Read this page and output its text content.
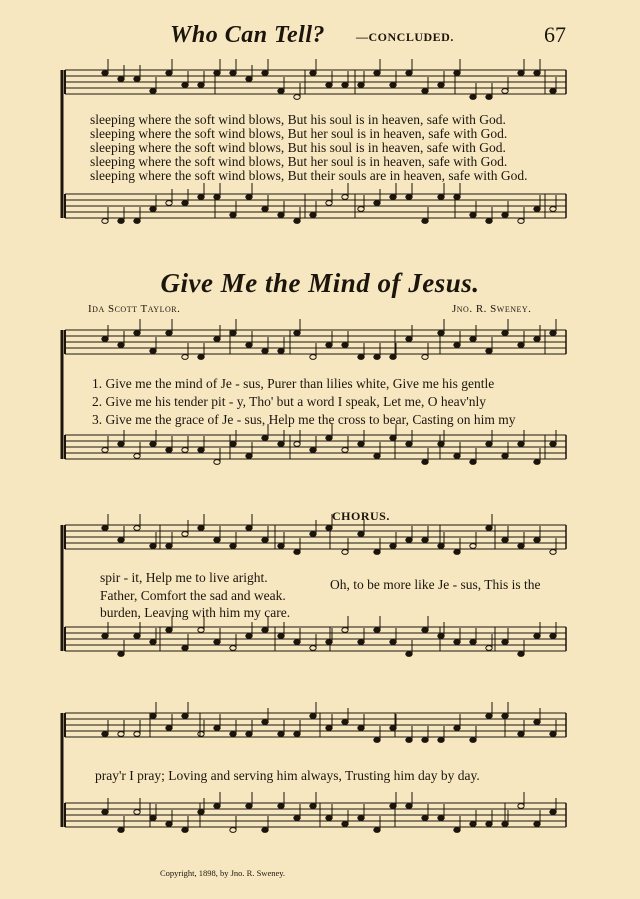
Who Can Tell?	—CONCLUDED.	67
sleeping where the soft wind blows, But his soul is in heaven, safe with God.
sleeping where the soft wind blows, But her soul is in heaven, safe with God.
sleeping where the soft wind blows, But his soul is in heaven, safe with God.
sleeping where the soft wind blows, But her soul is in heaven, safe with God.
sleeping where the soft wind blows, But their souls are in heaven, safe with God.
Give Me the Mind of Jesus.
Ida Scott Taylor.	Jno. R. Sweney.
1. Give me the mind of Je - sus, Purer than lilies white, Give me his gentle
2. Give me his tender pit - y, Tho' but a word I speak, Let me, O heav'nly
3. Give me the grace of Je - sus, Help me the cross to bear, Casting on him my
CHORUS.
spir - it, Help me to live aright.
Father, Comfort the sad and weak.
burden, Leaving with him my care.
Oh, to be more like Je - sus, This is the
pray'r I pray; Loving and serving him always, Trusting him day by day.
Copyright, 1898, by Jno. R. Sweney.
